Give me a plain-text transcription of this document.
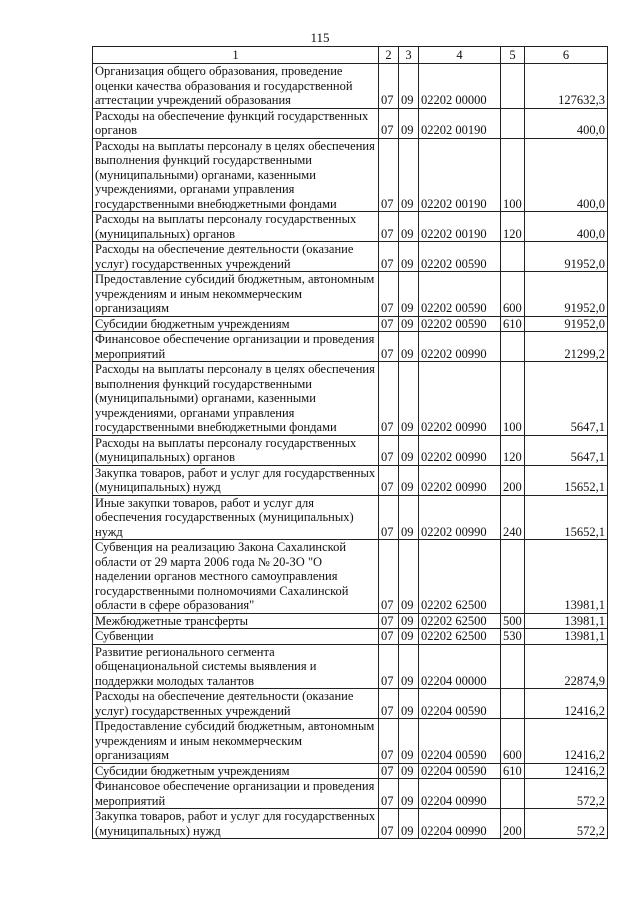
115
1	2	3	4	5	6
Организация общего образования, проведение оценки качества образования и государственной аттестации учреждений образования	07	09	02202 00000		127632,3
Расходы на обеспечение функций государственных органов	07	09	02202 00190		400,0
Расходы на выплаты персоналу в целях обеспечения выполнения функций государственными (муниципальными) органами, казенными учреждениями, органами управления государственными внебюджетными фондами	07	09	02202 00190	100	400,0
Расходы на выплаты персоналу государственных (муниципальных) органов	07	09	02202 00190	120	400,0
Расходы на обеспечение деятельности (оказание услуг) государственных учреждений	07	09	02202 00590		91952,0
Предоставление субсидий бюджетным, автономным учреждениям и иным некоммерческим организациям	07	09	02202 00590	600	91952,0
Субсидии бюджетным учреждениям	07	09	02202 00590	610	91952,0
Финансовое обеспечение организации и проведения мероприятий	07	09	02202 00990		21299,2
Расходы на выплаты персоналу в целях обеспечения выполнения функций государственными (муниципальными) органами, казенными учреждениями, органами управления государственными внебюджетными фондами	07	09	02202 00990	100	5647,1
Расходы на выплаты персоналу государственных (муниципальных) органов	07	09	02202 00990	120	5647,1
Закупка товаров, работ и услуг для государственных (муниципальных) нужд	07	09	02202 00990	200	15652,1
Иные закупки товаров, работ и услуг для обеспечения государственных (муниципальных) нужд	07	09	02202 00990	240	15652,1
Субвенция на реализацию Закона Сахалинской области от 29 марта 2006 года № 20-ЗО "О наделении органов местного самоуправления государственными полномочиями Сахалинской области в сфере образования"	07	09	02202 62500		13981,1
Межбюджетные трансферты	07	09	02202 62500	500	13981,1
Субвенции	07	09	02202 62500	530	13981,1
Развитие регионального сегмента общенациональной системы выявления и поддержки молодых талантов	07	09	02204 00000		22874,9
Расходы на обеспечение деятельности (оказание услуг) государственных учреждений	07	09	02204 00590		12416,2
Предоставление субсидий бюджетным, автономным учреждениям и иным некоммерческим организациям	07	09	02204 00590	600	12416,2
Субсидии бюджетным учреждениям	07	09	02204 00590	610	12416,2
Финансовое обеспечение организации и проведения мероприятий	07	09	02204 00990		572,2
Закупка товаров, работ и услуг для государственных (муниципальных) нужд	07	09	02204 00990	200	572,2
